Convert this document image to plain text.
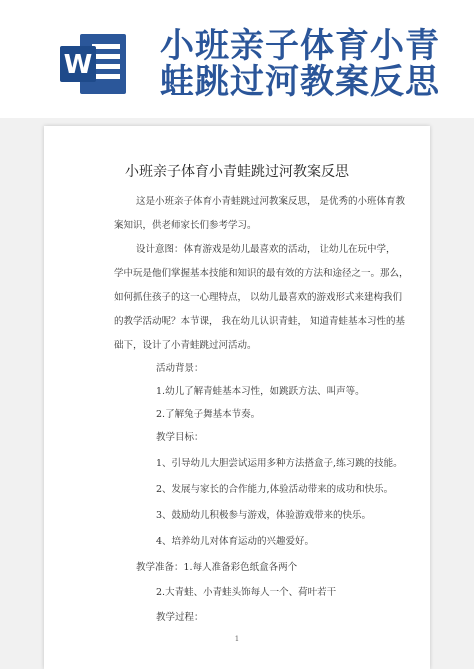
W 小班亲子体育小青
蛙跳过河教案反思
小班亲子体育小青蛙跳过河教案反思
这是小班亲子体育小青蛙跳过河教案反思， 是优秀的小班体育教
案知识，供老师家长们参考学习。
设计意图：体育游戏是幼儿最喜欢的活动， 让幼儿在玩中学，
学中玩是他们掌握基本技能和知识的最有效的方法和途径之一。那么，
如何抓住孩子的这一心理特点， 以幼儿最喜欢的游戏形式来建构我们
的教学活动呢？本节课， 我在幼儿认识青蛙， 知道青蛙基本习性的基
础下，设计了小青蛙跳过河活动。
活动背景：
1.幼儿了解青蛙基本习性，如跳跃方法、叫声等。
2.了解兔子舞基本节奏。
教学目标：
1、引导幼儿大胆尝试运用多种方法搭盒子,练习跳的技能。
2、发展与家长的合作能力,体验活动带来的成功和快乐。
3、鼓励幼儿积极参与游戏，体验游戏带来的快乐。
4、培养幼儿对体育运动的兴趣爱好。
教学准备：1.每人准备彩色纸盒各两个
2.大青蛙、小青蛙头饰每人一个、荷叶若干
教学过程：
1
